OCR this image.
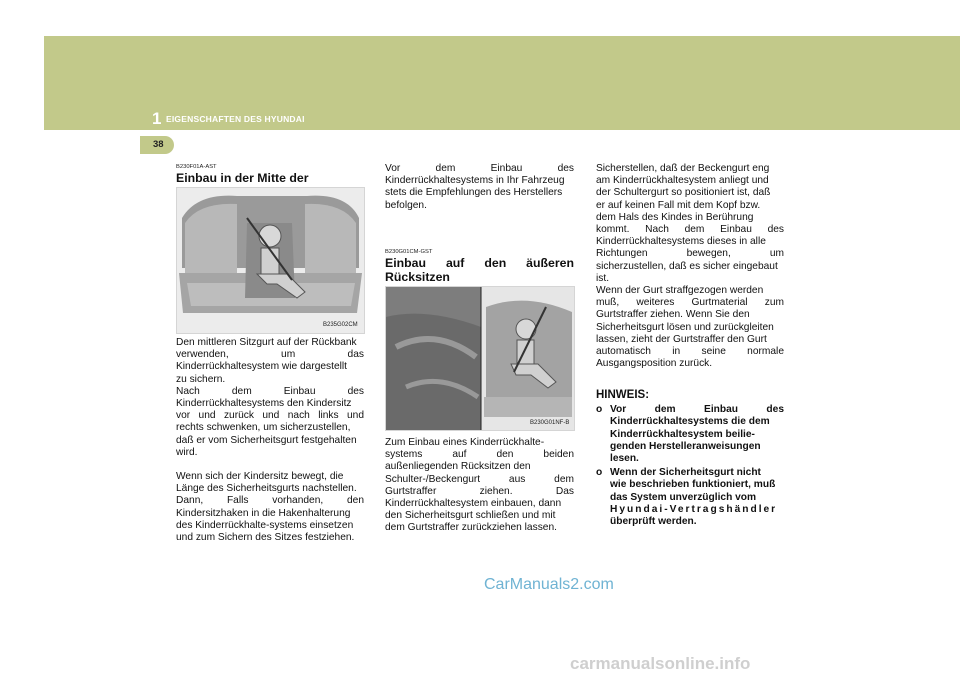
1 EIGENSCHAFTEN DES HYUNDAI
38
B230F01A-AST
Einbau in der Mitte der
B235G02CM

Den mittleren Sitzgurt auf der Rückbank

verwenden, um das

Kinderrückhaltesystem wie dargestellt

zu sichern.

Nach dem Einbau des

Kinderrückhaltesystems den Kindersitz

vor und zurück und nach links und

rechts schwenken, um sicherzustellen,

daß er vom Sicherheitsgurt festgehalten

wird.

Wenn sich der Kindersitz bewegt, die

Länge des Sicherheitsgurts nachstellen.

Dann, Falls vorhanden, den

Kindersitzhaken in die Hakenhalterung

des Kinderrückhalte-systems einsetzen

und zum Sichern des Sitzes festziehen.

Vor dem Einbau des

Kinderrückhaltesystems in Ihr Fahrzeug

stets die Empfehlungen des Herstellers

befolgen.

B230G01CM-GST
Einbau auf den äußeren
Rücksitzen
B230G01NF-B

Zum Einbau eines Kinderrückhalte-

systems auf den beiden

außenliegenden Rücksitzen den

Schulter-/Beckengurt aus dem

Gurtstraffer ziehen. Das

Kinderrückhaltesystem einbauen, dann

den Sicherheitsgurt schließen und mit

dem Gurtstraffer zurückziehen lassen.

Sicherstellen, daß der Beckengurt eng

am Kinderrückhaltesystem anliegt und

der Schultergurt so positioniert ist, daß

er auf keinen Fall mit dem Kopf bzw.

dem Hals des Kindes in Berührung

kommt. Nach dem Einbau des

Kinderrückhaltesystems dieses in alle

Richtungen bewegen, um

sicherzustellen, daß es sicher eingebaut

ist.

Wenn der Gurt straffgezogen werden

muß, weiteres Gurtmaterial zum

Gurtstraffer ziehen. Wenn Sie den

Sicherheitsgurt lösen und zurückgleiten

lassen, zieht der Gurtstraffer den Gurt

automatisch in seine normale

Ausgangsposition zurück.

HINWEIS:
o Vor dem Einbau des
Kinderrückhaltesystems die dem
Kinderrückhaltesystem beilie-
genden Herstelleranweisungen
lesen.
o Wenn der Sicherheitsgurt nicht
wie beschrieben funktioniert, muß
das System unverzüglich vom
Hyundai-Vertragshändler
überprüft werden.
CarManuals2.com
carmanualsonline.info
